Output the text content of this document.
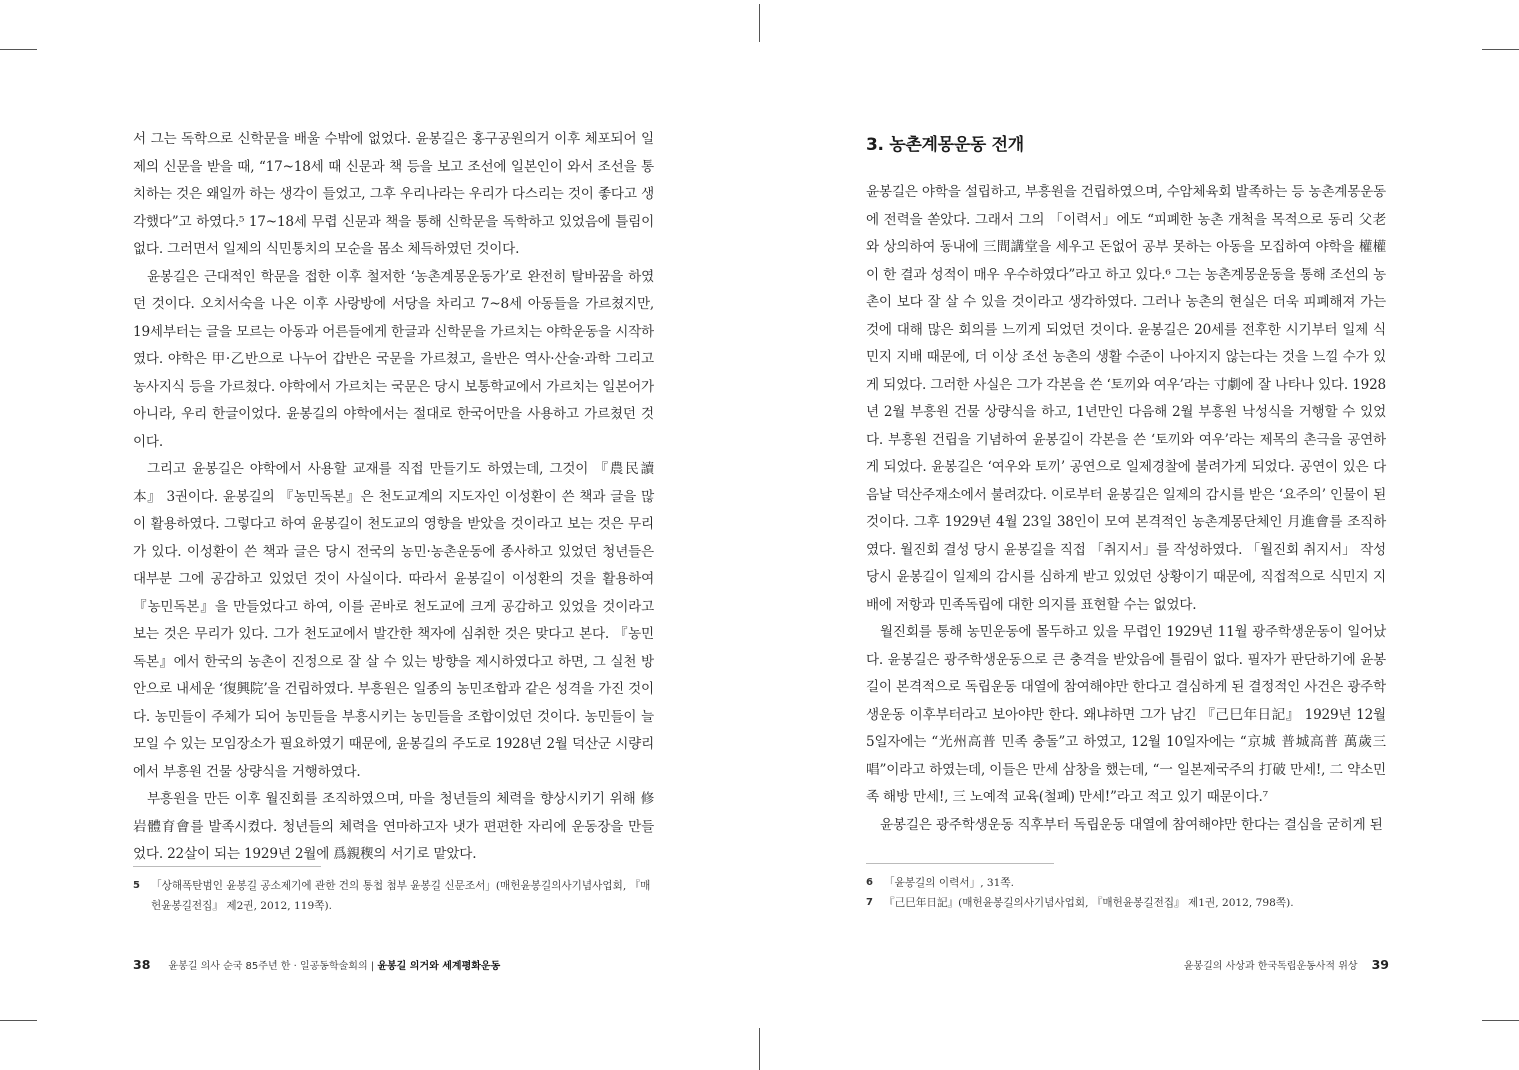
서 그는 독학으로 신학문을 배울 수밖에 없었다. 윤봉길은 홍구공원의거 이후 체포되어 일제의 신문을 받을 때, “17~18세 때 신문과 책 등을 보고 조선에 일본인이 와서 조선을 통치하는 것은 왜일까 하는 생각이 들었고, 그후 우리나라는 우리가 다스리는 것이 좋다고 생각했다”고 하였다.⁵ 17~18세 무렵 신문과 책을 통해 신학문을 독학하고 있었음에 틀림이 없다. 그러면서 일제의 식민통치의 모순을 몸소 체득하였던 것이다.

윤봉길은 근대적인 학문을 접한 이후 철저한 ‘농촌계몽운동가’로 완전히 탈바꿈을 하였던 것이다. 오치서숙을 나온 이후 사랑방에 서당을 차리고 7~8세 아동들을 가르쳤지만, 19세부터는 글을 모르는 아동과 어른들에게 한글과 신학문을 가르치는 야학운동을 시작하였다. 야학은 甲·乙반으로 나누어 갑반은 국문을 가르쳤고, 을반은 역사·산술·과학 그리고 농사지식 등을 가르쳤다. 야학에서 가르치는 국문은 당시 보통학교에서 가르치는 일본어가 아니라, 우리 한글이었다. 윤봉길의 야학에서는 절대로 한국어만을 사용하고 가르쳤던 것이다.

그리고 윤봉길은 야학에서 사용할 교재를 직접 만들기도 하였는데, 그것이 『農民讀本』 3권이다. 윤봉길의 『농민독본』은 천도교계의 지도자인 이성환이 쓴 책과 글을 많이 활용하였다. 그렇다고 하여 윤봉길이 천도교의 영향을 받았을 것이라고 보는 것은 무리가 있다. 이성환이 쓴 책과 글은 당시 전국의 농민·농촌운동에 종사하고 있었던 청년들은 대부분 그에 공감하고 있었던 것이 사실이다. 따라서 윤봉길이 이성환의 것을 활용하여 『농민독본』을 만들었다고 하여, 이를 곧바로 천도교에 크게 공감하고 있었을 것이라고 보는 것은 무리가 있다. 그가 천도교에서 발간한 책자에 심취한 것은 맞다고 본다. 『농민독본』에서 한국의 농촌이 진정으로 잘 살 수 있는 방향을 제시하였다고 하면, 그 실천 방안으로 내세운 ‘復興院’을 건립하였다. 부흥원은 일종의 농민조합과 같은 성격을 가진 것이다. 농민들이 주체가 되어 농민들을 부흥시키는 농민들을 조합이었던 것이다. 농민들이 늘 모일 수 있는 모임장소가 필요하였기 때문에, 윤봉길의 주도로 1928년 2월 덕산군 시량리에서 부흥원 건물 상량식을 거행하였다.

부흥원을 만든 이후 월진회를 조직하였으며, 마을 청년들의 체력을 향상시키기 위해 修岩體育會를 발족시켰다. 청년들의 체력을 연마하고자 냇가 편편한 자리에 운동장을 만들었다. 22살이 되는 1929년 2월에 爲親稧의 서기로 맡았다.

5	「상해폭탄범인 윤봉길 공소제기에 관한 건의 통첩 첨부 윤봉길 신문조서」(매헌윤봉길의사기념사업회, 『매헌윤봉길전집』 제2권, 2012, 119쪽).
38 윤봉길 의사 순국 85주년 한 · 일공동학술회의 | 윤봉길 의거와 세계평화운동
3. 농촌계몽운동 전개

윤봉길은 야학을 설립하고, 부흥원을 건립하였으며, 수암체육회 발족하는 등 농촌계몽운동에 전력을 쏟았다. 그래서 그의 「이력서」에도 “피폐한 농촌 개척을 목적으로 동리 父老와 상의하여 동내에 三間講堂을 세우고 돈없어 공부 못하는 아동을 모집하여 야학을 權權이 한 결과 성적이 매우 우수하였다”라고 하고 있다.⁶ 그는 농촌계몽운동을 통해 조선의 농촌이 보다 잘 살 수 있을 것이라고 생각하였다. 그러나 농촌의 현실은 더욱 피폐해져 가는 것에 대해 많은 회의를 느끼게 되었던 것이다. 윤봉길은 20세를 전후한 시기부터 일제 식민지 지배 때문에, 더 이상 조선 농촌의 생활 수준이 나아지지 않는다는 것을 느낄 수가 있게 되었다. 그러한 사실은 그가 각본을 쓴 ‘토끼와 여우’라는 寸劇에 잘 나타나 있다. 1928년 2월 부흥원 건물 상량식을 하고, 1년만인 다음해 2월 부흥원 낙성식을 거행할 수 있었다. 부흥원 건립을 기념하여 윤봉길이 각본을 쓴 ‘토끼와 여우’라는 제목의 촌극을 공연하게 되었다. 윤봉길은 ‘여우와 토끼’ 공연으로 일제경찰에 불려가게 되었다. 공연이 있은 다음날 덕산주재소에서 불려갔다. 이로부터 윤봉길은 일제의 감시를 받은 ‘요주의’ 인물이 된 것이다. 그후 1929년 4월 23일 38인이 모여 본격적인 농촌계몽단체인 月進會를 조직하였다. 월진회 결성 당시 윤봉길을 직접 「취지서」를 작성하였다. 「월진회 취지서」 작성 당시 윤봉길이 일제의 감시를 심하게 받고 있었던 상황이기 때문에, 직접적으로 식민지 지배에 저항과 민족독립에 대한 의지를 표현할 수는 없었다.

월진회를 통해 농민운동에 몰두하고 있을 무렵인 1929년 11월 광주학생운동이 일어났다. 윤봉길은 광주학생운동으로 큰 충격을 받았음에 틀림이 없다. 필자가 판단하기에 윤봉길이 본격적으로 독립운동 대열에 참여해야만 한다고 결심하게 된 결정적인 사건은 광주학생운동 이후부터라고 보아야만 한다. 왜냐하면 그가 남긴 『己巳年日記』 1929년 12월 5일자에는 “光州高普 민족 충돌”고 하였고, 12월 10일자에는 “京城 普城高普 萬歲三唱”이라고 하였는데, 이들은 만세 삼창을 했는데, “一 일본제국주의 打破 만세!, 二 약소민족 해방 만세!, 三 노예적 교육(철폐) 만세!”라고 적고 있기 때문이다.⁷

윤봉길은 광주학생운동 직후부터 독립운동 대열에 참여해야만 한다는 결심을 굳히게 된

6	「윤봉길의 이력서」, 31쪽.
7	『己巳年日記』(매헌윤봉길의사기념사업회, 『매헌윤봉길전집』 제1권, 2012, 798쪽).
윤봉길의 사상과 한국독립운동사적 위상 39
